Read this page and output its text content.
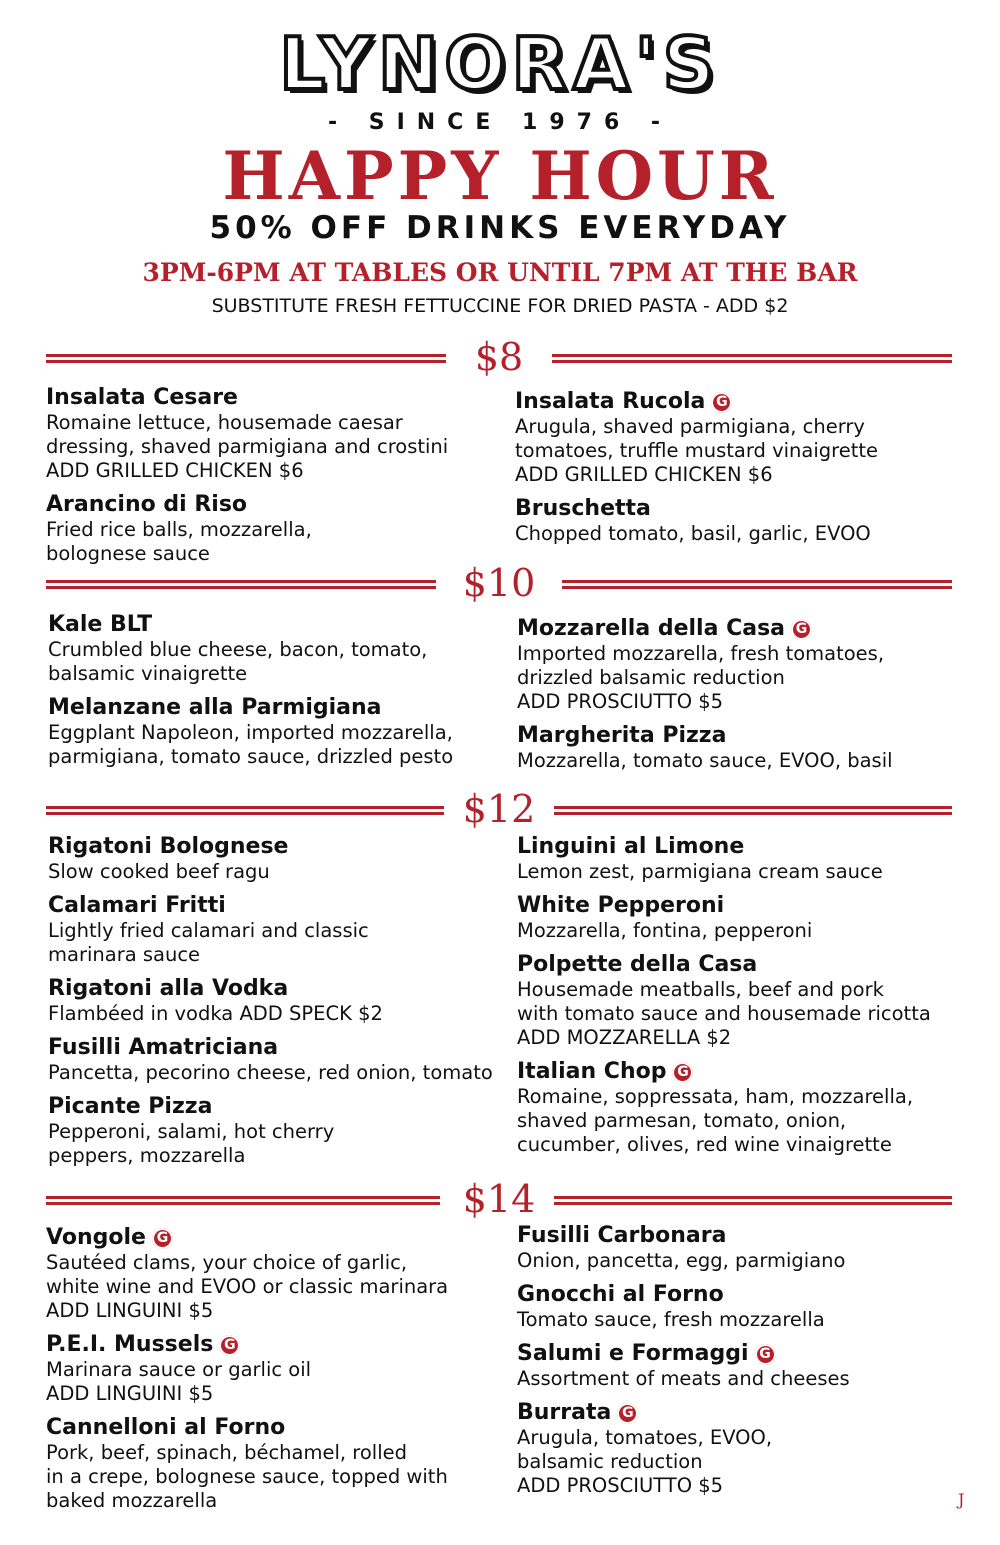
LYNORA'S
- SINCE 1976 -
HAPPY HOUR
50% OFF DRINKS EVERYDAY
3PM-6PM AT TABLES OR UNTIL 7PM AT THE BAR
SUBSTITUTE FRESH FETTUCCINE FOR DRIED PASTA - ADD $2
$8
Insalata Cesare
Romaine lettuce, housemade caesar
dressing, shaved parmigiana and crostini
ADD GRILLED CHICKEN $6
Arancino di Riso
Fried rice balls, mozzarella,
bolognese sauce
Insalata Rucola G
Arugula, shaved parmigiana, cherry
tomatoes, truffle mustard vinaigrette
ADD GRILLED CHICKEN $6
Bruschetta
Chopped tomato, basil, garlic, EVOO
$10
Kale BLT
Crumbled blue cheese, bacon, tomato,
balsamic vinaigrette
Melanzane alla Parmigiana
Eggplant Napoleon, imported mozzarella,
parmigiana, tomato sauce, drizzled pesto
Mozzarella della Casa G
Imported mozzarella, fresh tomatoes,
drizzled balsamic reduction
ADD PROSCIUTTO $5
Margherita Pizza
Mozzarella, tomato sauce, EVOO, basil
$12
Rigatoni Bolognese
Slow cooked beef ragu
Calamari Fritti
Lightly fried calamari and classic
marinara sauce
Rigatoni alla Vodka
Flambéed in vodka ADD SPECK $2
Fusilli Amatriciana
Pancetta, pecorino cheese, red onion, tomato
Picante Pizza
Pepperoni, salami, hot cherry
peppers, mozzarella
Linguini al Limone
Lemon zest, parmigiana cream sauce
White Pepperoni
Mozzarella, fontina, pepperoni
Polpette della Casa
Housemade meatballs, beef and pork
with tomato sauce and housemade ricotta
ADD MOZZARELLA $2
Italian Chop G
Romaine, soppressata, ham, mozzarella,
shaved parmesan, tomato, onion,
cucumber, olives, red wine vinaigrette
$14
Vongole G
Sautéed clams, your choice of garlic,
white wine and EVOO or classic marinara
ADD LINGUINI $5
P.E.I. Mussels G
Marinara sauce or garlic oil
ADD LINGUINI $5
Cannelloni al Forno
Pork, beef, spinach, béchamel, rolled
in a crepe, bolognese sauce, topped with
baked mozzarella
Fusilli Carbonara
Onion, pancetta, egg, parmigiano
Gnocchi al Forno
Tomato sauce, fresh mozzarella
Salumi e Formaggi G
Assortment of meats and cheeses
Burrata G
Arugula, tomatoes, EVOO,
balsamic reduction
ADD PROSCIUTTO $5
J
